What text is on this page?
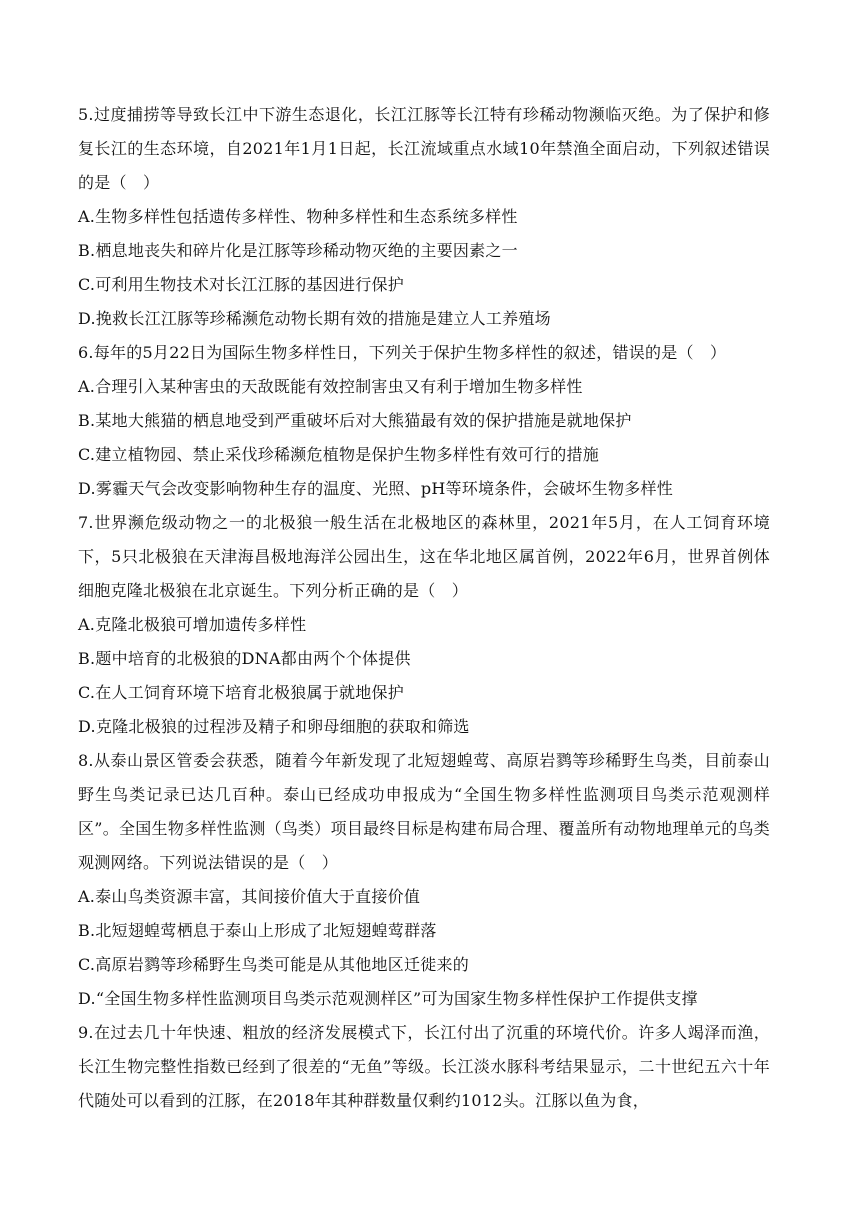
5.过度捕捞等导致长江中下游生态退化，长江江豚等长江特有珍稀动物濒临灭绝。为了保护和修复长江的生态环境，自2021年1月1日起，长江流域重点水域10年禁渔全面启动，下列叙述错误的是（　）

A.生物多样性包括遗传多样性、物种多样性和生态系统多样性

B.栖息地丧失和碎片化是江豚等珍稀动物灭绝的主要因素之一

C.可利用生物技术对长江江豚的基因进行保护

D.挽救长江江豚等珍稀濒危动物长期有效的措施是建立人工养殖场

6.每年的5月22日为国际生物多样性日，下列关于保护生物多样性的叙述，错误的是（　）

A.合理引入某种害虫的天敌既能有效控制害虫又有利于增加生物多样性

B.某地大熊猫的栖息地受到严重破坏后对大熊猫最有效的保护措施是就地保护

C.建立植物园、禁止采伐珍稀濒危植物是保护生物多样性有效可行的措施

D.雾霾天气会改变影响物种生存的温度、光照、pH等环境条件，会破坏生物多样性

7.世界濒危级动物之一的北极狼一般生活在北极地区的森林里，2021年5月，在人工饲育环境下，5只北极狼在天津海昌极地海洋公园出生，这在华北地区属首例，2022年6月，世界首例体细胞克隆北极狼在北京诞生。下列分析正确的是（　）

A.克隆北极狼可增加遗传多样性

B.题中培育的北极狼的DNA都由两个个体提供

C.在人工饲育环境下培育北极狼属于就地保护

D.克隆北极狼的过程涉及精子和卵母细胞的获取和筛选

8.从泰山景区管委会获悉，随着今年新发现了北短翅蝗莺、高原岩鹨等珍稀野生鸟类，目前泰山野生鸟类记录已达几百种。泰山已经成功申报成为“全国生物多样性监测项目鸟类示范观测样区”。全国生物多样性监测（鸟类）项目最终目标是构建布局合理、覆盖所有动物地理单元的鸟类观测网络。下列说法错误的是（　）

A.泰山鸟类资源丰富，其间接价值大于直接价值

B.北短翅蝗莺栖息于泰山上形成了北短翅蝗莺群落

C.高原岩鹨等珍稀野生鸟类可能是从其他地区迁徙来的

D.“全国生物多样性监测项目鸟类示范观测样区”可为国家生物多样性保护工作提供支撑

9.在过去几十年快速、粗放的经济发展模式下，长江付出了沉重的环境代价。许多人竭泽而渔，长江生物完整性指数已经到了很差的“无鱼”等级。长江淡水豚科考结果显示，二十世纪五六十年代随处可以看到的江豚，在2018年其种群数量仅剩约1012头。江豚以鱼为食，
